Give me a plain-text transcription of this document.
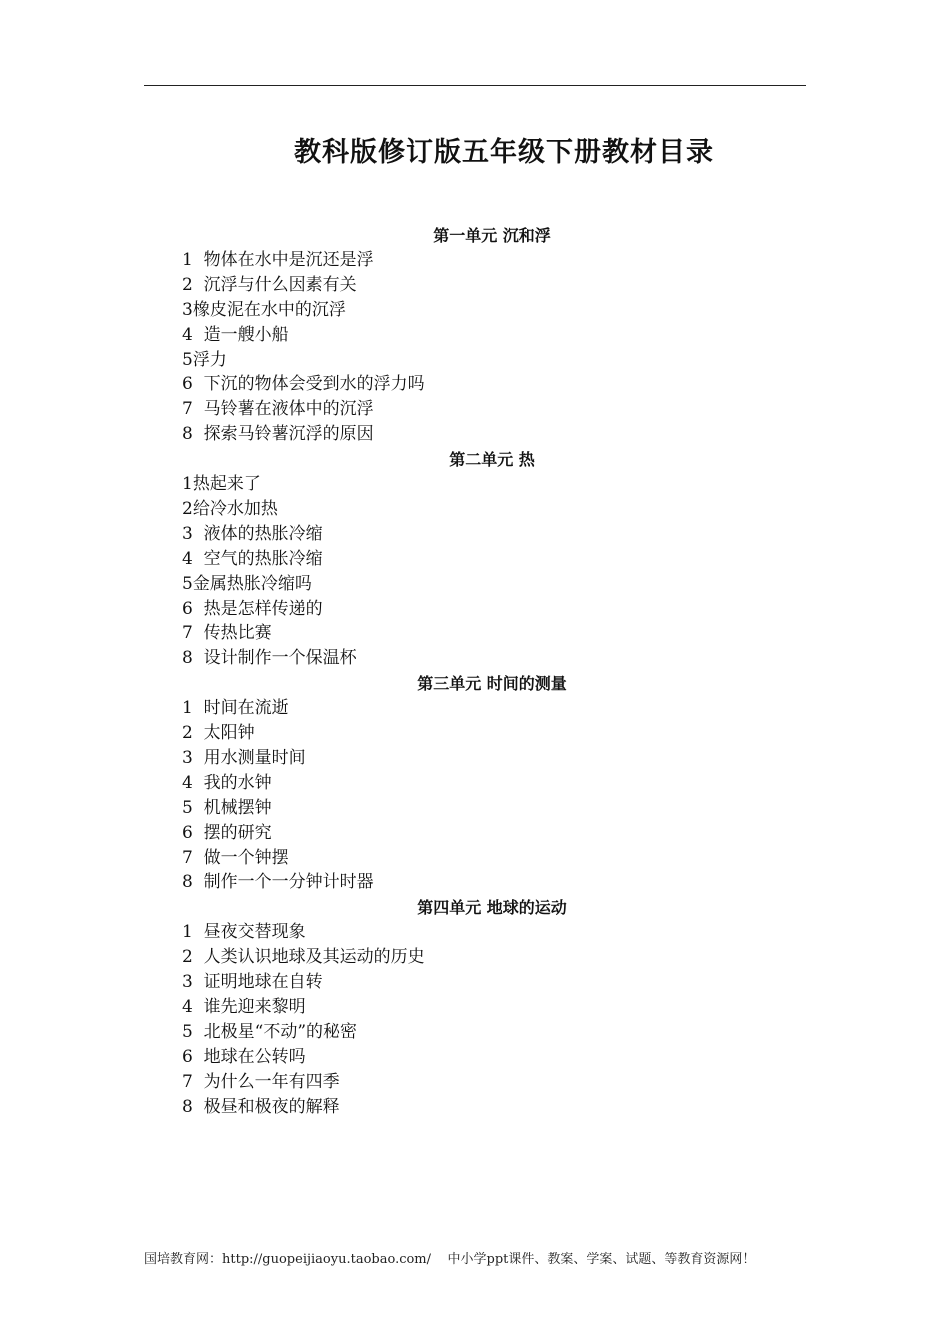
教科版修订版五年级下册教材目录
第一单元 沉和浮
1  物体在水中是沉还是浮
2  沉浮与什么因素有关
3橡皮泥在水中的沉浮
4  造一艘小船
5浮力
6  下沉的物体会受到水的浮力吗
7  马铃薯在液体中的沉浮
8  探索马铃薯沉浮的原因
第二单元 热
1热起来了
2给冷水加热
3  液体的热胀冷缩
4  空气的热胀冷缩
5金属热胀冷缩吗
6  热是怎样传递的
7  传热比赛
8  设计制作一个保温杯
第三单元 时间的测量
1  时间在流逝
2  太阳钟
3  用水测量时间
4  我的水钟
5  机械摆钟
6  摆的研究
7  做一个钟摆
8  制作一个一分钟计时器
第四单元 地球的运动
1  昼夜交替现象
2  人类认识地球及其运动的历史
3  证明地球在自转
4  谁先迎来黎明
5  北极星“不动”的秘密
6  地球在公转吗
7  为什么一年有四季
8  极昼和极夜的解释
国培教育网：http://guopeijiaoyu.taobao.com/    中小学ppt课件、教案、学案、试题、等教育资源网！
